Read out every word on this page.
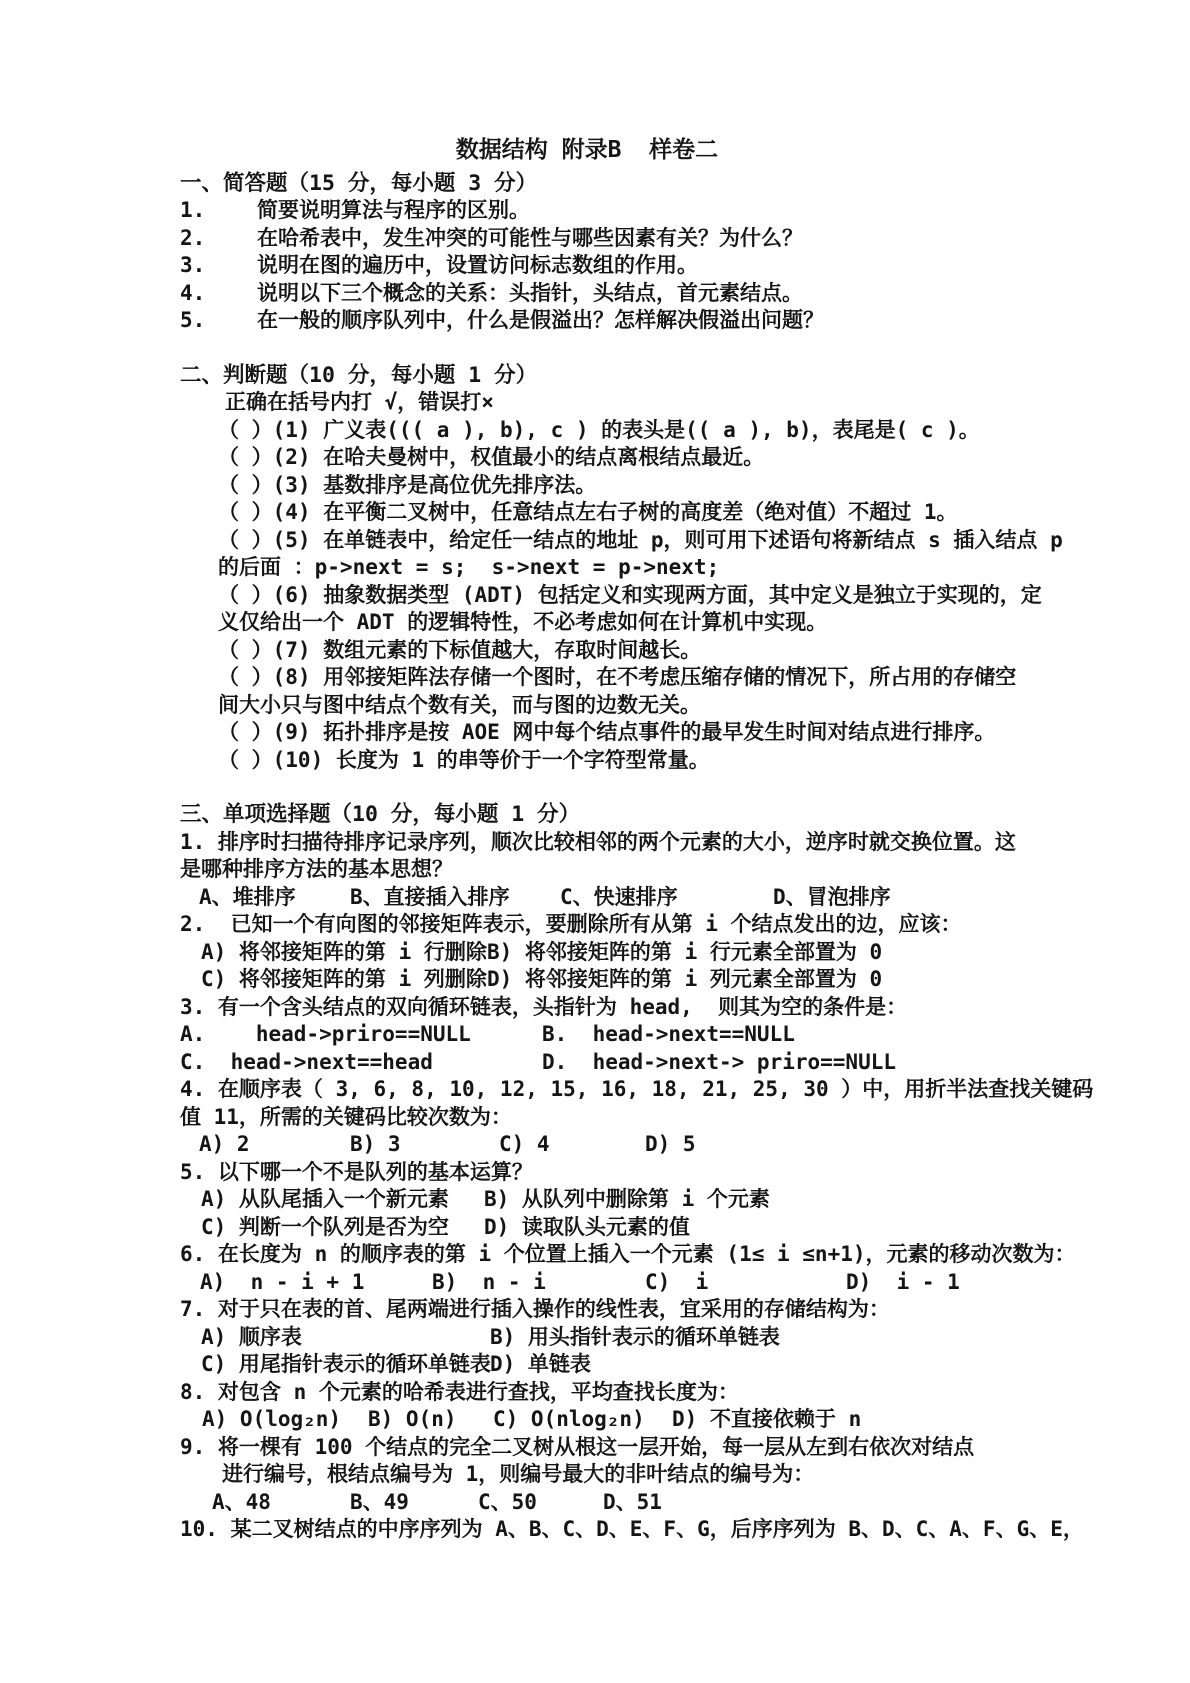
数据结构 附录B  样卷二
一、简答题（15 分，每小题 3 分）
1. 简要说明算法与程序的区别。
2. 在哈希表中，发生冲突的可能性与哪些因素有关？为什么？
3. 说明在图的遍历中，设置访问标志数组的作用。
4. 说明以下三个概念的关系：头指针，头结点，首元素结点。
5. 在一般的顺序队列中，什么是假溢出？怎样解决假溢出问题？
二、判断题（10 分，每小题 1 分）
正确在括号内打 √，错误打×
（ ）(1) 广义表((( a ), b), c ) 的表头是(( a ), b)，表尾是( c )。
（ ）(2) 在哈夫曼树中，权值最小的结点离根结点最近。
（ ）(3) 基数排序是高位优先排序法。
（ ）(4) 在平衡二叉树中，任意结点左右子树的高度差（绝对值）不超过 1。
（ ）(5) 在单链表中，给定任一结点的地址 p，则可用下述语句将新结点 s 插入结点 p
的后面 ：p->next = s;  s->next = p->next;
（ ）(6) 抽象数据类型 (ADT) 包括定义和实现两方面，其中定义是独立于实现的，定
义仅给出一个 ADT 的逻辑特性，不必考虑如何在计算机中实现。
（ ）(7) 数组元素的下标值越大，存取时间越长。
（ ）(8) 用邻接矩阵法存储一个图时，在不考虑压缩存储的情况下，所占用的存储空
间大小只与图中结点个数有关，而与图的边数无关。
（ ）(9) 拓扑排序是按 AOE 网中每个结点事件的最早发生时间对结点进行排序。
（ ）(10) 长度为 1 的串等价于一个字符型常量。
三、单项选择题（10 分，每小题 1 分）
1. 排序时扫描待排序记录序列，顺次比较相邻的两个元素的大小，逆序时就交换位置。这
是哪种排序方法的基本思想？
A、堆排序	B、直接插入排序 C、快速排序	D、冒泡排序
2.  已知一个有向图的邻接矩阵表示，要删除所有从第 i 个结点发出的边，应该：
A) 将邻接矩阵的第 i 行删除B) 将邻接矩阵的第 i 行元素全部置为 0
C) 将邻接矩阵的第 i 列删除D) 将邻接矩阵的第 i 列元素全部置为 0
3. 有一个含头结点的双向循环链表，头指针为 head,  则其为空的条件是：
A.    head->priro==NULL	B.  head->next==NULL
C.  head->next==head	D.  head->next-> priro==NULL
4. 在顺序表（ 3, 6, 8, 10, 12, 15, 16, 18, 21, 25, 30 ）中，用折半法查找关键码
值 11，所需的关键码比较次数为：
A) 2	B) 3	C) 4	D) 5
5. 以下哪一个不是队列的基本运算？
A) 从队尾插入一个新元素 B) 从队列中删除第 i 个元素
C) 判断一个队列是否为空 D) 读取队头元素的值
6. 在长度为 n 的顺序表的第 i 个位置上插入一个元素 (1≤ i ≤n+1)，元素的移动次数为：
A)  n - i + 1	B)  n - i	C)  i	D)  i - 1
7. 对于只在表的首、尾两端进行插入操作的线性表，宜采用的存储结构为：
A) 顺序表	B) 用头指针表示的循环单链表
C) 用尾指针表示的循环单链表D) 单链表
8. 对包含 n 个元素的哈希表进行查找，平均查找长度为：
A) O(log₂n) B) O(n) C) O(nlog₂n) D) 不直接依赖于 n
9. 将一棵有 100 个结点的完全二叉树从根这一层开始，每一层从左到右依次对结点
进行编号，根结点编号为 1，则编号最大的非叶结点的编号为：
A、48	B、49	C、50	D、51
10. 某二叉树结点的中序序列为 A、B、C、D、E、F、G，后序序列为 B、D、C、A、F、G、E，
